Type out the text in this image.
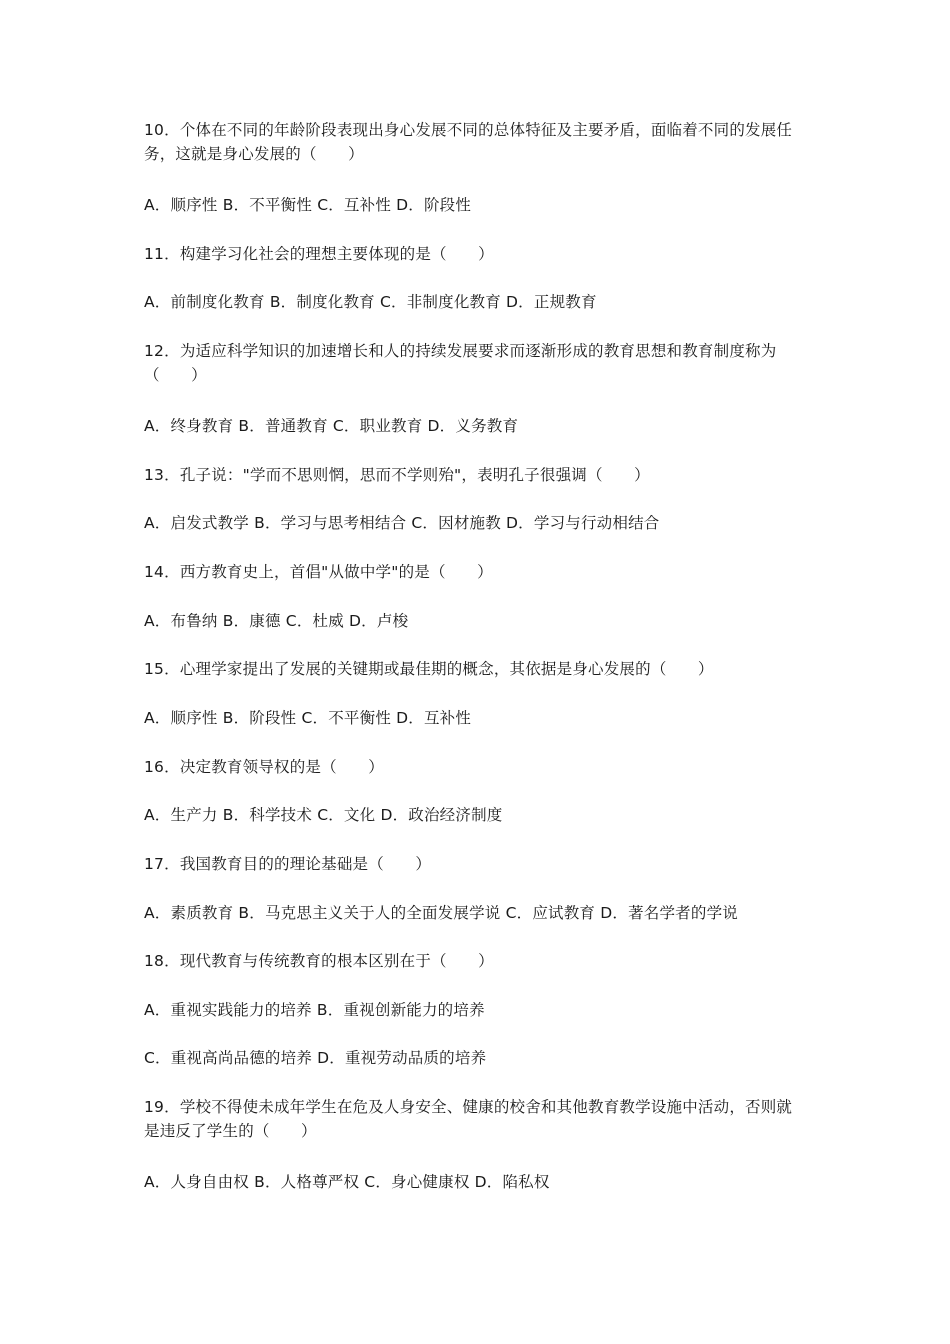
10．个体在不同的年龄阶段表现出身心发展不同的总体特征及主要矛盾，面临着不同的发展任务，这就是身心发展的（　　）
A．顺序性 B．不平衡性 C．互补性 D．阶段性
11．构建学习化社会的理想主要体现的是（　　）
A．前制度化教育 B．制度化教育 C．非制度化教育 D．正规教育
12．为适应科学知识的加速增长和人的持续发展要求而逐渐形成的教育思想和教育制度称为（　　）
A．终身教育 B．普通教育 C．职业教育 D．义务教育
13．孔子说："学而不思则惘，思而不学则殆"，表明孔子很强调（　　）
A．启发式教学 B．学习与思考相结合 C．因材施教 D．学习与行动相结合
14．西方教育史上，首倡"从做中学"的是（　　）
A．布鲁纳 B．康德 C．杜威 D．卢梭
15．心理学家提出了发展的关键期或最佳期的概念，其依据是身心发展的（　　）
A．顺序性 B．阶段性 C．不平衡性 D．互补性
16．决定教育领导权的是（　　）
A．生产力 B．科学技术 C．文化 D．政治经济制度
17．我国教育目的的理论基础是（　　）
A．素质教育 B．马克思主义关于人的全面发展学说 C．应试教育 D．著名学者的学说
18．现代教育与传统教育的根本区别在于（　　）
A．重视实践能力的培养 B．重视创新能力的培养
C．重视高尚品德的培养 D．重视劳动品质的培养
19．学校不得使未成年学生在危及人身安全、健康的校舍和其他教育教学设施中活动，否则就是违反了学生的（　　）
A．人身自由权 B．人格尊严权 C．身心健康权 D．陷私权
